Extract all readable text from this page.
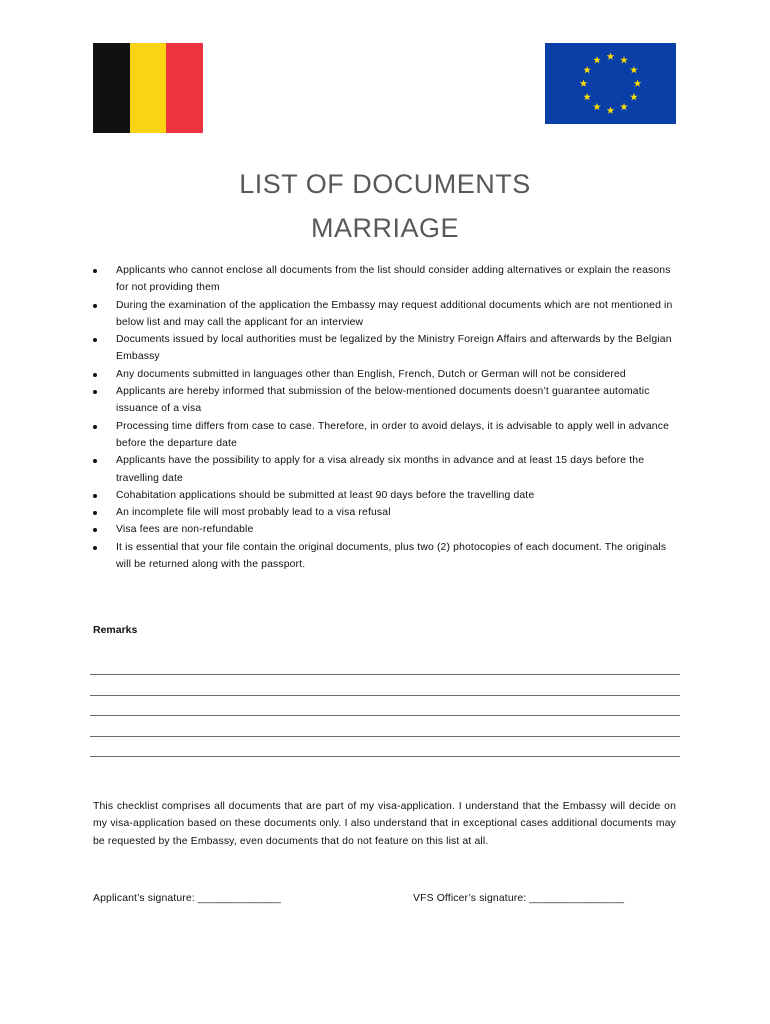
LIST OF DOCUMENTS
MARRIAGE
Applicants who cannot enclose all documents from the list should consider adding alternatives or explain the reasons for not providing them
During the examination of the application the Embassy may request additional documents which are not mentioned in below list and may call the applicant for an interview
Documents issued by local authorities must be legalized by the Ministry Foreign Affairs and afterwards by the Belgian Embassy
Any documents submitted in languages other than English, French, Dutch or German will not be considered
Applicants are hereby informed that submission of the below-mentioned documents doesn’t guarantee automatic issuance of a visa
Processing time differs from case to case. Therefore, in order to avoid delays, it is advisable to apply well in advance before the departure date
Applicants have the possibility to apply for a visa already six months in advance and at least 15 days before the travelling date
Cohabitation applications should be submitted at least 90 days before the travelling date
An incomplete file will most probably lead to a visa refusal
Visa fees are non-refundable
It is essential that your file contain the original documents, plus two (2) photocopies of each document. The originals will be returned along with the passport.
Remarks
This checklist comprises all documents that are part of my visa-application. I understand that the Embassy will decide on my visa-application based on these documents only. I also understand that in exceptional cases additional documents may be requested by the Embassy, even documents that do not feature on this list at all.
Applicant’s signature: ______________	VFS Officer’s signature: ________________
